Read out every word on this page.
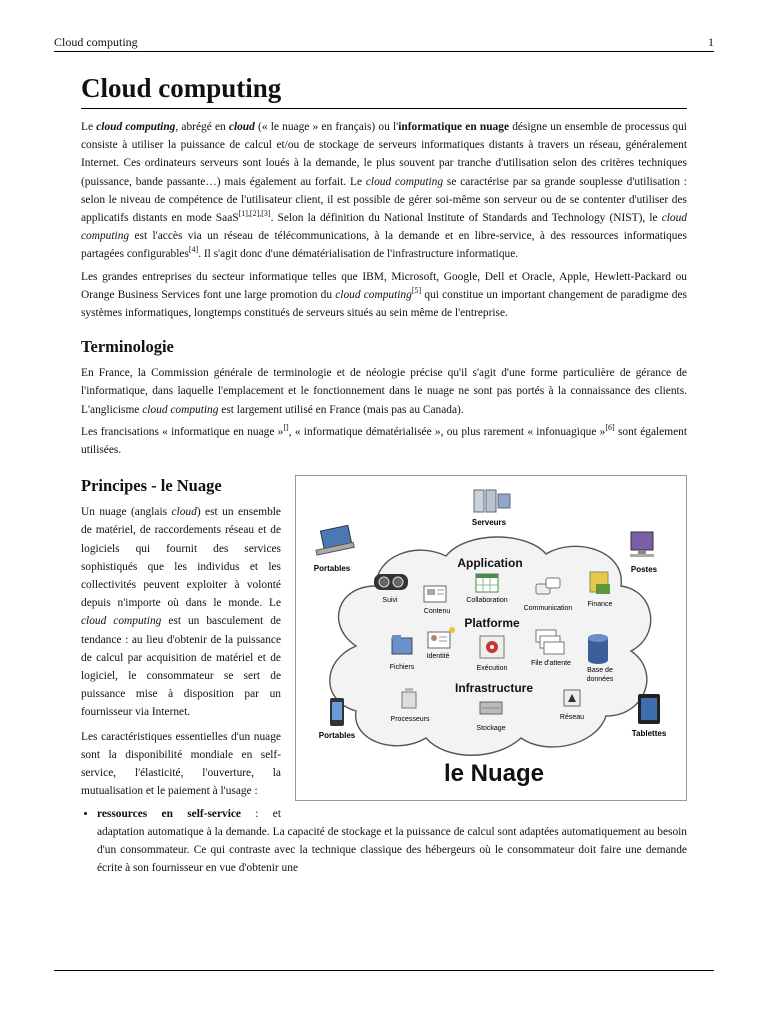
Cloud computing	1
Cloud computing

Le cloud computing, abrégé en cloud (« le nuage » en français) ou l'informatique en nuage désigne un ensemble de processus qui consiste à utiliser la puissance de calcul et/ou de stockage de serveurs informatiques distants à travers un réseau, généralement Internet. Ces ordinateurs serveurs sont loués à la demande, le plus souvent par tranche d'utilisation selon des critères techniques (puissance, bande passante…) mais également au forfait. Le cloud computing se caractérise par sa grande souplesse d'utilisation : selon le niveau de compétence de l'utilisateur client, il est possible de gérer soi-même son serveur ou de se contenter d'utiliser des applicatifs distants en mode SaaS[1],[2],[3]. Selon la définition du National Institute of Standards and Technology (NIST), le cloud computing est l'accès via un réseau de télécommunications, à la demande et en libre-service, à des ressources informatiques partagées configurables[4]. Il s'agit donc d'une dématérialisation de l'infrastructure informatique.

Les grandes entreprises du secteur informatique telles que IBM, Microsoft, Google, Dell et Oracle, Apple, Hewlett-Packard ou Orange Business Services font une large promotion du cloud computing[5] qui constitue un important changement de paradigme des systèmes informatiques, longtemps constitués de serveurs situés au sein même de l'entreprise.

Terminologie

En France, la Commission générale de terminologie et de néologie précise qu'il s'agit d'une forme particulière de gérance de l'informatique, dans laquelle l'emplacement et le fonctionnement dans le nuage ne sont pas portés à la connaissance des clients. L'anglicisme cloud computing est largement utilisé en France (mais pas au Canada).

Les francisations « informatique en nuage »[], « informatique dématérialisée », ou plus rarement « infonuagique »[6] sont également utilisées.

Principes - le Nuage
Application
Platforme
Infrastructure
Serveurs
Portables	Postes
Portables	Tablettes
Suivi
Contenu
Collaboration
Communication
Finance
Fichiers
Identité
Exécution
File d'attente
Base de
données
Processeurs
Stockage
Réseau
le Nuage

Un nuage (anglais cloud) est un ensemble de matériel, de raccordements réseau et de logiciels qui fournit des services sophistiqués que les individus et les collectivités peuvent exploiter à volonté depuis n'importe où dans le monde. Le cloud computing est un basculement de tendance : au lieu d'obtenir de la puissance de calcul par acquisition de matériel et de logiciel, le consommateur se sert de puissance mise à disposition par un fournisseur via Internet.

Les caractéristiques essentielles d'un nuage sont la disponibilité mondiale en self-service, l'élasticité, l'ouverture, la mutualisation et le paiement à l'usage :

• ressources en self-service : et adaptation automatique à la demande. La capacité de stockage et la puissance de calcul sont adaptées automatiquement au besoin d'un consommateur. Ce qui contraste avec la technique classique des hébergeurs où le consommateur doit faire une demande écrite à son fournisseur en vue d'obtenir une
